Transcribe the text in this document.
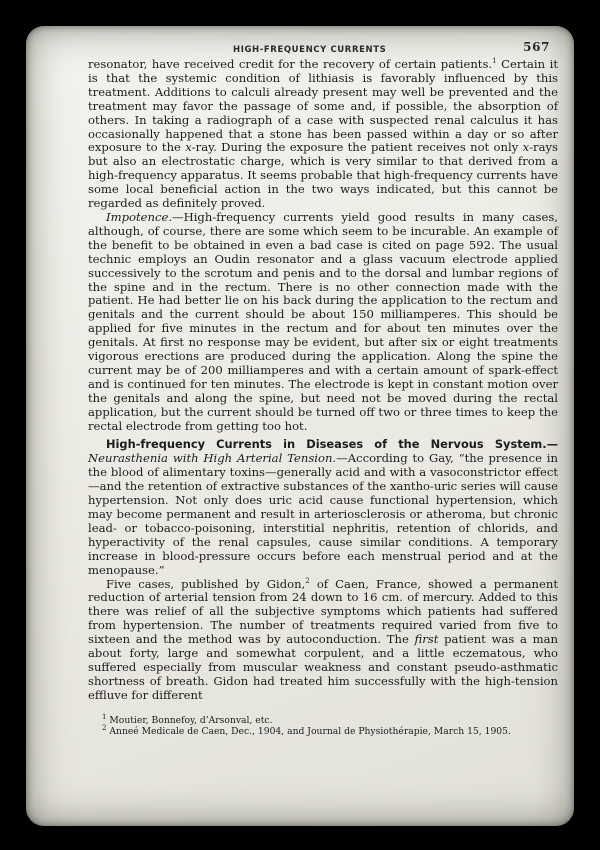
HIGH-FREQUENCY CURRENTS	567

resonator, have received credit for the recovery of certain patients.$^1$ Certain it is that the systemic condition of lithiasis is favorably influenced by this treatment. Additions to calculi already present may well be prevented and the treatment may favor the passage of some and, if possible, the absorption of others. In taking a radiograph of a case with suspected renal calculus it has occasionally happened that a stone has been passed within a day or so after exposure to the x-ray. During the exposure the patient receives not only x-rays but also an electrostatic charge, which is very similar to that derived from a high-frequency apparatus. It seems probable that high-frequency currents have some local beneficial action in the two ways indicated, but this cannot be regarded as definitely proved.

Impotence.—High-frequency currents yield good results in many cases, although, of course, there are some which seem to be incurable. An example of the benefit to be obtained in even a bad case is cited on page 592. The usual technic employs an Oudin resonator and a glass vacuum electrode applied successively to the scrotum and penis and to the dorsal and lumbar regions of the spine and in the rectum. There is no other connection made with the patient. He had better lie on his back during the application to the rectum and genitals and the current should be about 150 milliamperes. This should be applied for five minutes in the rectum and for about ten minutes over the genitals. At first no response may be evident, but after six or eight treatments vigorous erections are produced during the application. Along the spine the current may be of 200 milliamperes and with a certain amount of spark-effect and is continued for ten minutes. The electrode is kept in constant motion over the genitals and along the spine, but need not be moved during the rectal application, but the current should be turned off two or three times to keep the rectal electrode from getting too hot.

High-frequency Currents in Diseases of the Nervous System.— Neurasthenia with High Arterial Tension.—According to Gay, “the presence in the blood of alimentary toxins—generally acid and with a vasoconstrictor effect—and the retention of extractive substances of the xantho-uric series will cause hypertension. Not only does uric acid cause functional hypertension, which may become permanent and result in arteriosclerosis or atheroma, but chronic lead- or tobacco-poisoning, interstitial nephritis, retention of chlorids, and hyperactivity of the renal capsules, cause similar conditions. A temporary increase in blood-pressure occurs before each menstrual period and at the menopause.”

Five cases, published by Gidon,$^2$ of Caen, France, showed a permanent reduction of arterial tension from 24 down to 16 cm. of mercury. Added to this there was relief of all the subjective symptoms which patients had suffered from hypertension. The number of treatments required varied from five to sixteen and the method was by autoconduction. The first patient was a man about forty, large and somewhat corpulent, and a little eczematous, who suffered especially from muscular weakness and constant pseudo-asthmatic shortness of breath. Gidon had treated him successfully with the high-tension effluve for different

$^1$ Moutier, Bonnefoy, d’Arsonval, etc.

$^2$ Anneé Medicale de Caen, Dec., 1904, and Journal de Physiothérapie, March 15, 1905.
